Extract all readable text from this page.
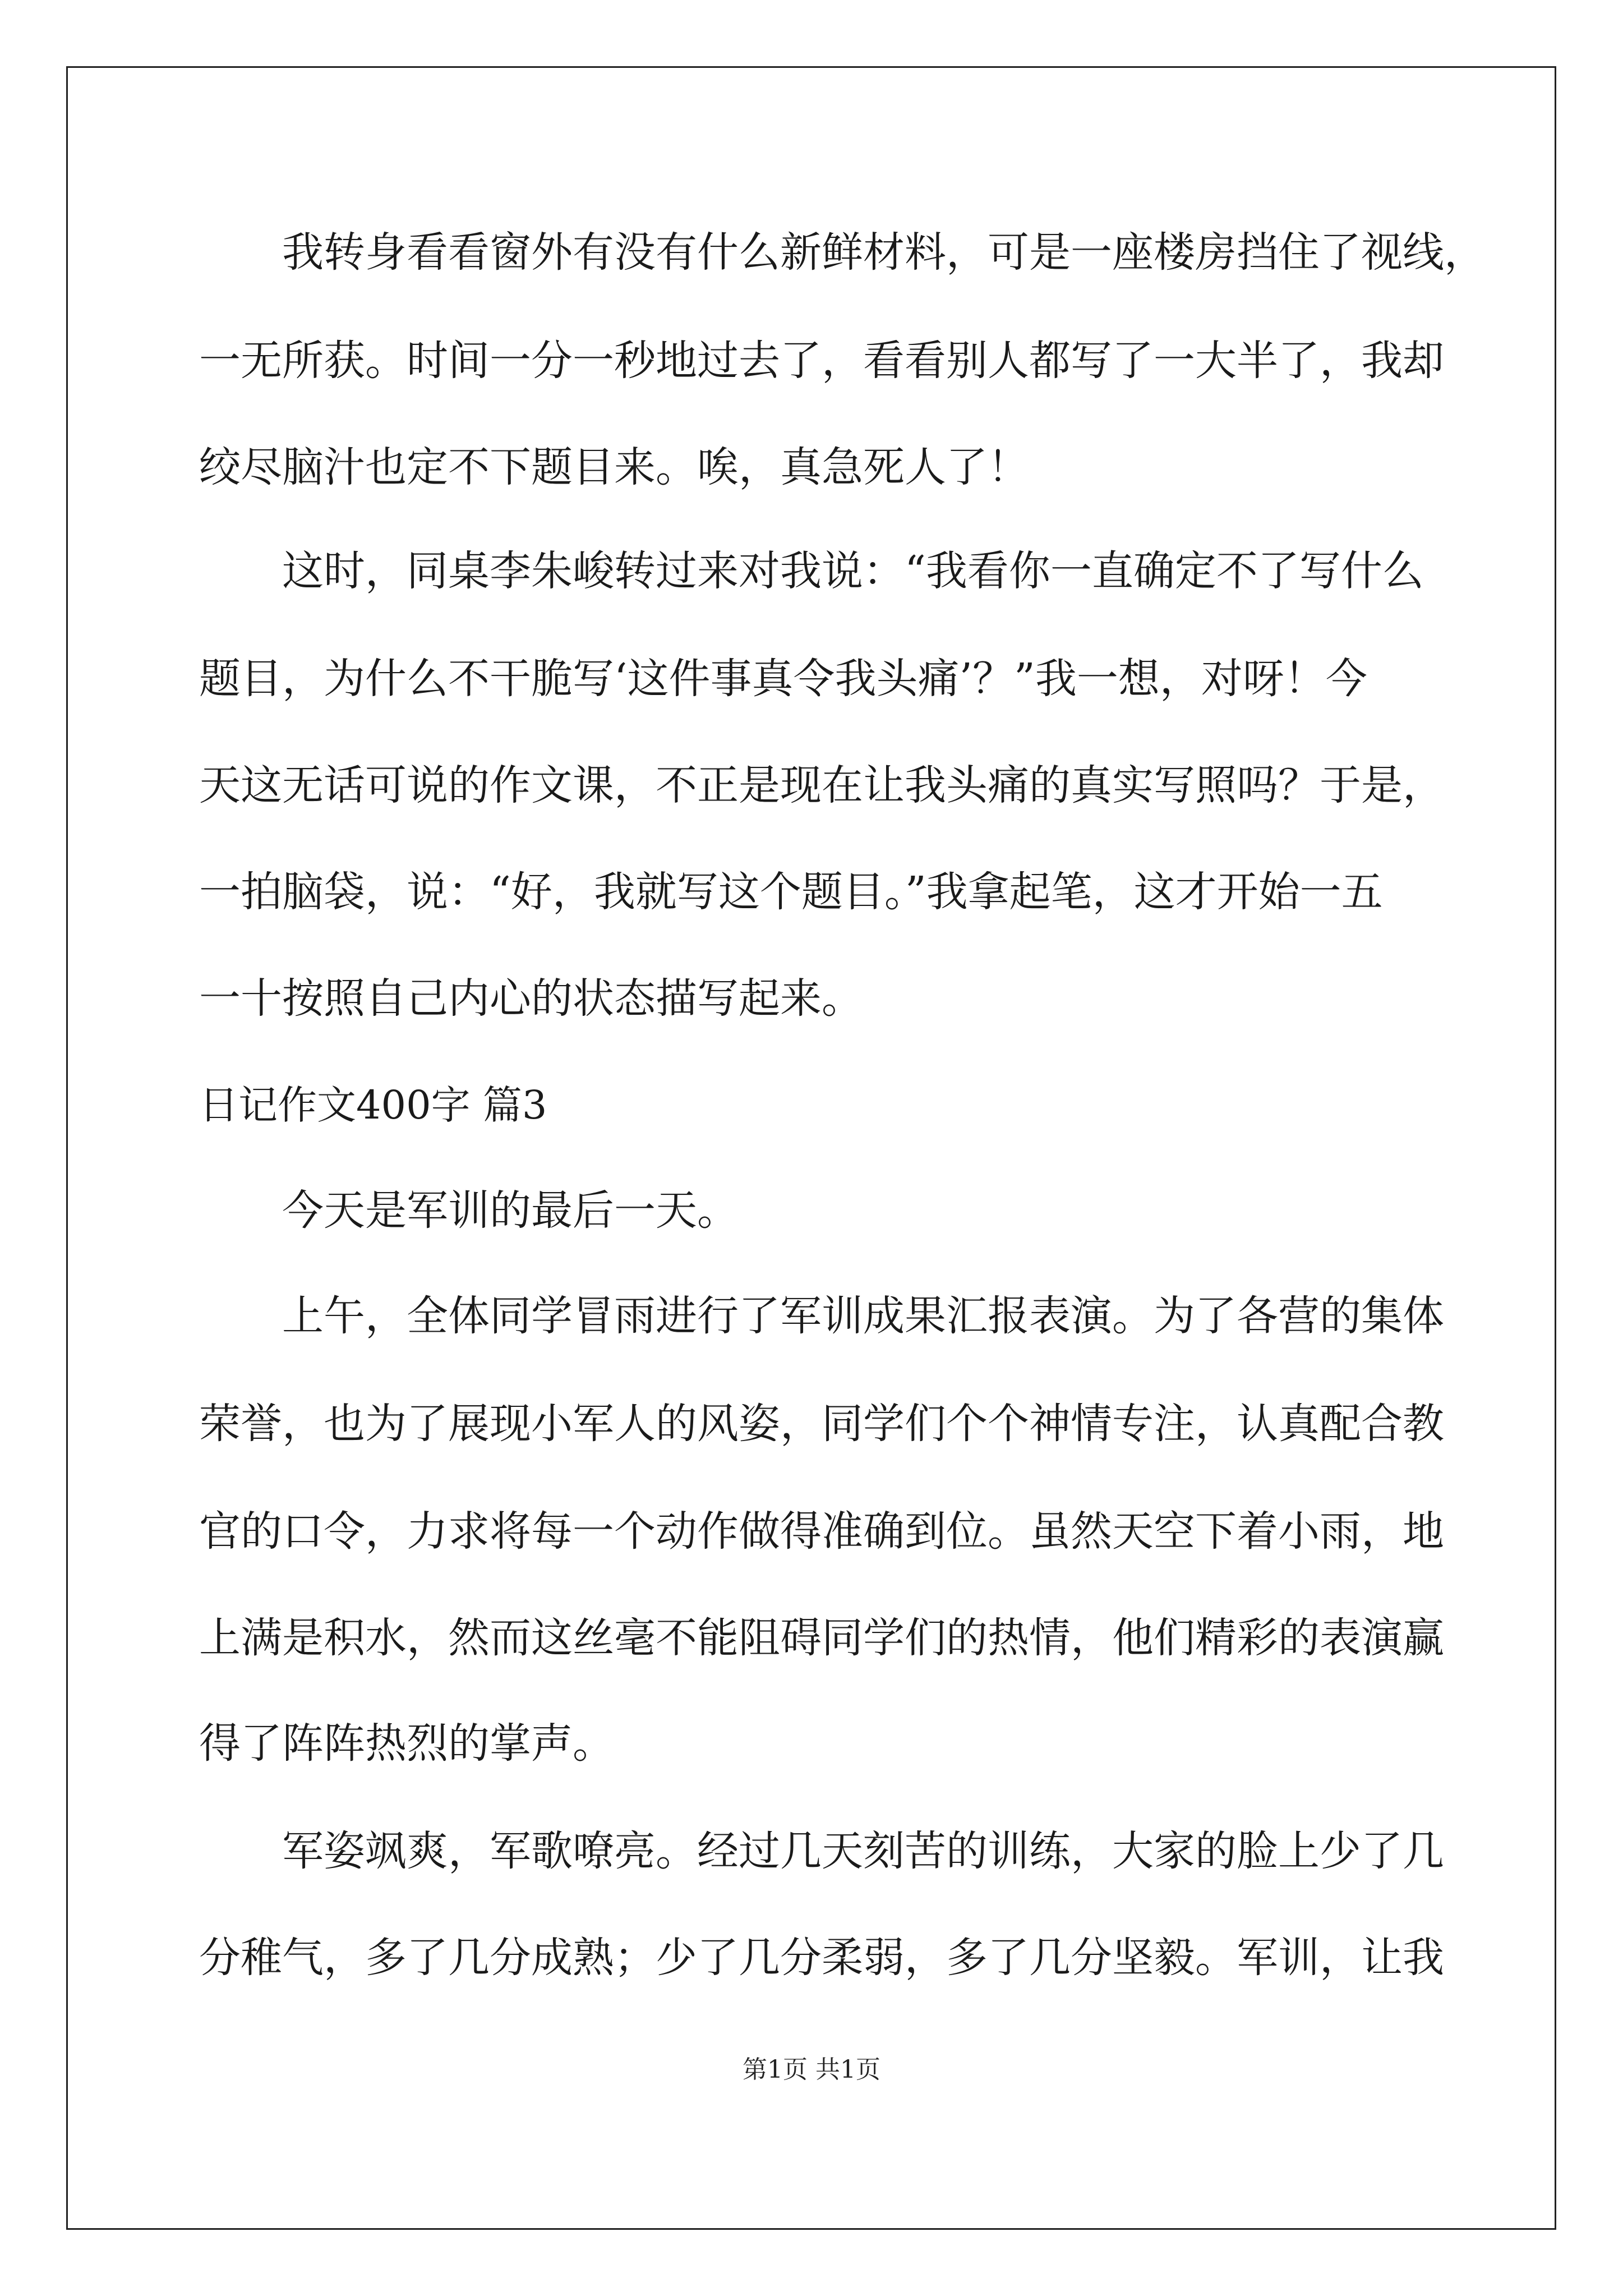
我转身看看窗外有没有什么新鲜材料，可是一座楼房挡住了视线，

一无所获。时间一分一秒地过去了，看看别人都写了一大半了，我却

绞尽脑汁也定不下题目来。唉，真急死人了！

这时，同桌李朱峻转过来对我说：“我看你一直确定不了写什么

题目，为什么不干脆写‘这件事真令我头痛’？”我一想，对呀！今

天这无话可说的作文课，不正是现在让我头痛的真实写照吗？于是，

一拍脑袋，说：“好，我就写这个题目。”我拿起笔，这才开始一五

一十按照自己内心的状态描写起来。

日记作文400字 篇3

今天是军训的最后一天。

上午，全体同学冒雨进行了军训成果汇报表演。为了各营的集体

荣誉，也为了展现小军人的风姿，同学们个个神情专注，认真配合教

官的口令，力求将每一个动作做得准确到位。虽然天空下着小雨，地

上满是积水，然而这丝毫不能阻碍同学们的热情，他们精彩的表演赢

得了阵阵热烈的掌声。

军姿飒爽，军歌嘹亮。经过几天刻苦的训练，大家的脸上少了几

分稚气，多了几分成熟；少了几分柔弱，多了几分坚毅。军训，让我

第1页 共1页
